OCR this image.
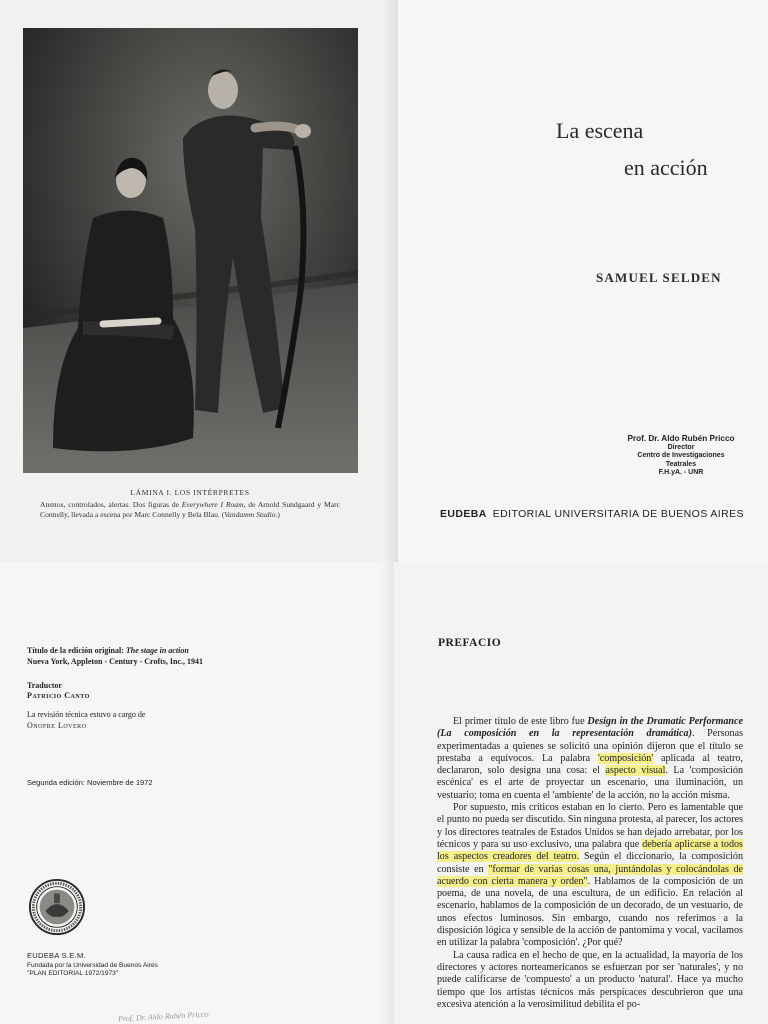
LÁMINA I. LOS INTÉRPRETES
Atentos, controlados, alertas. Dos figuras de Everywhere I Roam, de Arnold Sundgaard y Marc Connelly, llevada a escena por Marc Connelly y Bela Blau. (Vandamm Studio.)
La escena
en acción
SAMUEL SELDEN
Prof. Dr. Aldo Rubén Pricco
Director
Centro de Investigaciones Teatrales
F.H.yA. - UNR
EUDEBA EDITORIAL UNIVERSITARIA DE BUENOS AIRES
Título de la edición original: The stage in action
Nueva York, Appleton - Century - Crofts, Inc., 1941
Traductor
Patricio Canto
La revisión técnica estuvo a cargo de
Onofre Lovero
Segunda edición: Noviembre de 1972
EUDEBA S.E.M.
Fundada por la Universidad de Buenos Aires
"PLAN EDITORIAL 1972/1973"
Prof. Dr. Aldo Rubén Pricco
PREFACIO

El primer título de este libro fue Design in the Dramatic Performance (La composición en la representación dramática). Personas experimentadas a quienes se solicitó una opinión dijeron que el título se prestaba a equívocos. La palabra 'composición' aplicada al teatro, declararon, solo designa una cosa: el aspecto visual. La 'composición escénica' es el arte de proyectar un escenario, una iluminación, un vestuario; toma en cuenta el 'ambiente' de la acción, no la acción misma.

Por supuesto, mis críticos estaban en lo cierto. Pero es lamentable que el punto no pueda ser discutido. Sin ninguna protesta, al parecer, los actores y los directores teatrales de Estados Unidos se han dejado arrebatar, por los técnicos y para su uso exclusivo, una palabra que debería aplicarse a todos los aspectos creadores del teatro. Según el diccionario, la composición consiste en "formar de varias cosas una, juntándolas y colocándolas de acuerdo con cierta manera y orden". Hablamos de la composición de un poema, de una novela, de una escultura, de un edificio. En relación al escenario, hablamos de la composición de un decorado, de un vestuario, de unos efectos luminosos. Sin embargo, cuando nos referimos a la disposición lógica y sensible de la acción de pantomima y vocal, vacilamos en utilizar la palabra 'composición'. ¿Por qué?

La causa radica en el hecho de que, en la actualidad, la mayoría de los directores y actores norteamericanos se esfuerzan por ser 'naturales', y no puede calificarse de 'compuesto' a un producto 'natural'. Hace ya mucho tiempo que los artistas técnicos más perspicaces descubrieron que una excesiva atención a la verosimilitud debilita el po-
